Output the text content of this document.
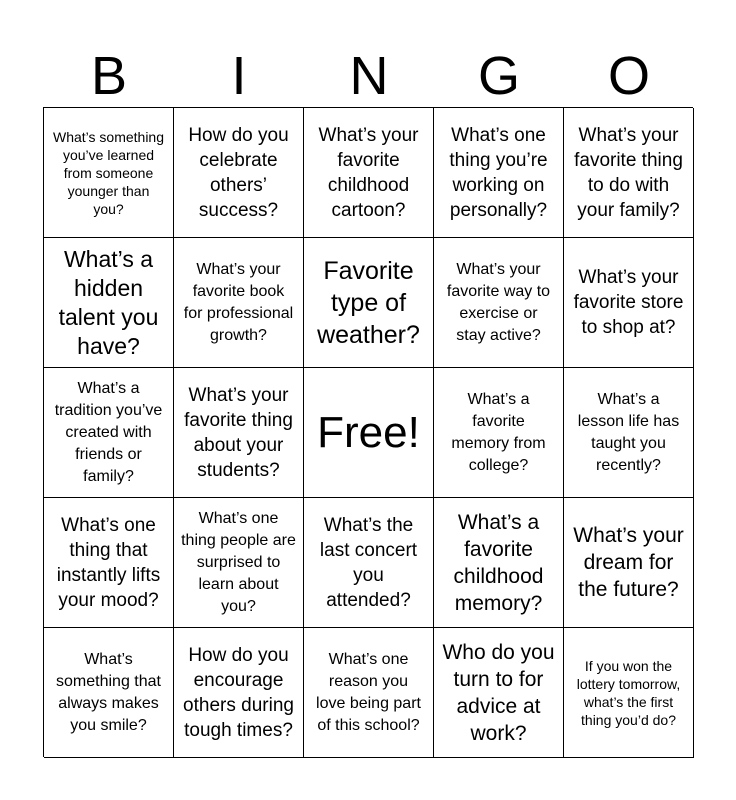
B	I	N	G	O
What’s something you’ve learned from someone younger than you?
How do you celebrate others’ success?
What’s your favorite childhood cartoon?
What’s one thing you’re working on personally?
What’s your favorite thing to do with your family?
What’s a hidden talent you have?
What’s your favorite book for professional growth?
Favorite type of weather?
What’s your favorite way to exercise or stay active?
What’s your favorite store to shop at?
What’s a tradition you’ve created with friends or family?
What’s your favorite thing about your students?
Free!
What’s a favorite memory from college?
What’s a lesson life has taught you recently?
What’s one thing that instantly lifts your mood?
What’s one thing people are surprised to learn about you?
What’s the last concert you attended?
What’s a favorite childhood memory?
What’s your dream for the future?
What’s something that always makes you smile?
How do you encourage others during tough times?
What’s one reason you love being part of this school?
Who do you turn to for advice at work?
If you won the lottery tomorrow, what’s the first thing you’d do?
